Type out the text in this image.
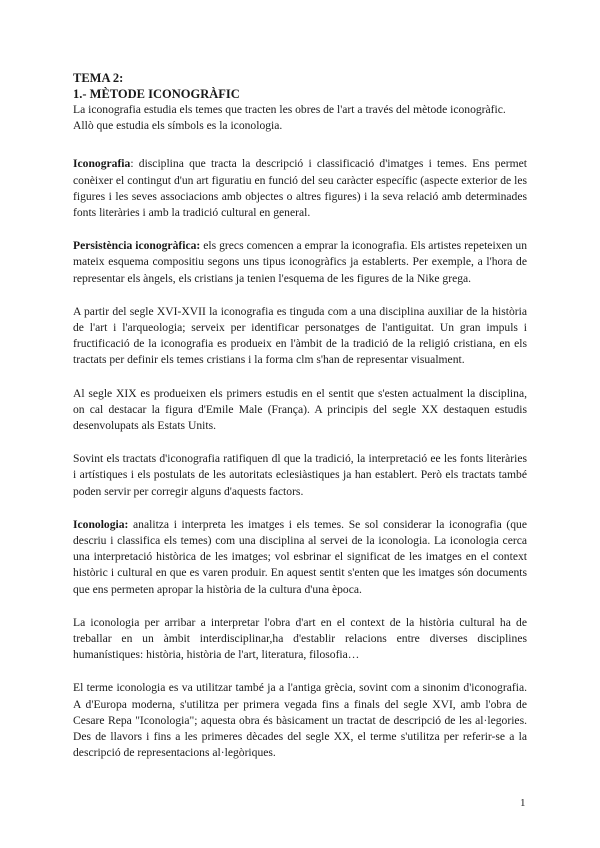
TEMA 2:
1.- MÈTODE ICONOGRÀFIC

La iconografia estudia els temes que tracten les obres de l'art a través del mètode iconogràfic. Allò que estudia els símbols es la iconologia.

Iconografia: disciplina que tracta la descripció i classificació d'imatges i temes. Ens permet conèixer el contingut d'un art figuratiu en funció del seu caràcter específic (aspecte exterior de les figures i les seves associacions amb objectes o altres figures) i la seva relació amb determinades fonts literàries i amb la tradició cultural en general.

Persistència iconogràfica: els grecs comencen a emprar la iconografia. Els artistes repeteixen un mateix esquema compositiu segons uns tipus iconogràfics ja establerts. Per exemple, a l'hora de representar els àngels, els cristians ja tenien l'esquema de les figures de la Nike grega.

A partir del segle XVI-XVII la iconografia es tinguda com a una disciplina auxiliar de la història de l'art i l'arqueologia; serveix per identificar personatges de l'antiguitat. Un gran impuls i fructificació de la iconografia es produeix en l'àmbit de la tradició de la religió cristiana, en els tractats per definir els temes cristians i la forma clm s'han de representar visualment.

Al segle XIX es produeixen els primers estudis en el sentit que s'esten actualment la disciplina, on cal destacar la figura d'Emile Male (França). A principis del segle XX destaquen estudis desenvolupats als Estats Units.

Sovint els tractats d'iconografia ratifiquen dl que la tradició, la interpretació ee les fonts literàries i artístiques i els postulats de les autoritats eclesiàstiques ja han establert. Però els tractats també poden servir per corregir alguns d'aquests factors.

Iconologia: analitza i interpreta les imatges i els temes. Se sol considerar la iconografia (que descriu i classifica els temes) com una disciplina al servei de la iconologia. La iconologia cerca una interpretació històrica de les imatges; vol esbrinar el significat de les imatges en el context històric i cultural en que es varen produir. En aquest sentit s'enten que les imatges són documents que ens permeten apropar la història de la cultura d'una època.

La iconologia per arribar a interpretar l'obra d'art en el context de la història cultural ha de treballar en un àmbit interdisciplinar,ha d'establir relacions entre diverses disciplines humanístiques: història, història de l'art, literatura, filosofia…

El terme iconologia es va utilitzar també ja a l'antiga grècia, sovint com a sinonim d'iconografia. A d'Europa moderna, s'utilitza per primera vegada fins a finals del segle XVI, amb l'obra de Cesare Repa "Iconologia"; aquesta obra és bàsicament un tractat de descripció de les al·legories. Des de llavors i fins a les primeres dècades del segle XX, el terme s'utilitza per referir-se a la descripció de representacions al·legòriques.

1
